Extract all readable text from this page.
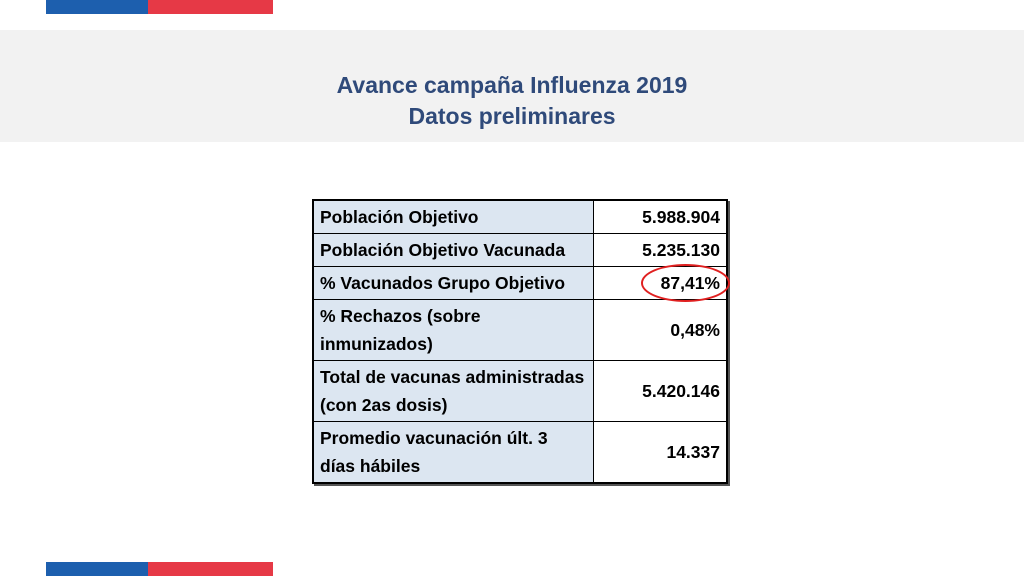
Avance campaña Influenza 2019
Datos preliminares
Población Objetivo	5.988.904
Población Objetivo Vacunada	5.235.130
% Vacunados Grupo Objetivo	87,41%

% Rechazos (sobre inmunizados)	0,48%
Total de vacunas administradas (con 2as dosis)	5.420.146
Promedio vacunación últ. 3 días hábiles	14.337
